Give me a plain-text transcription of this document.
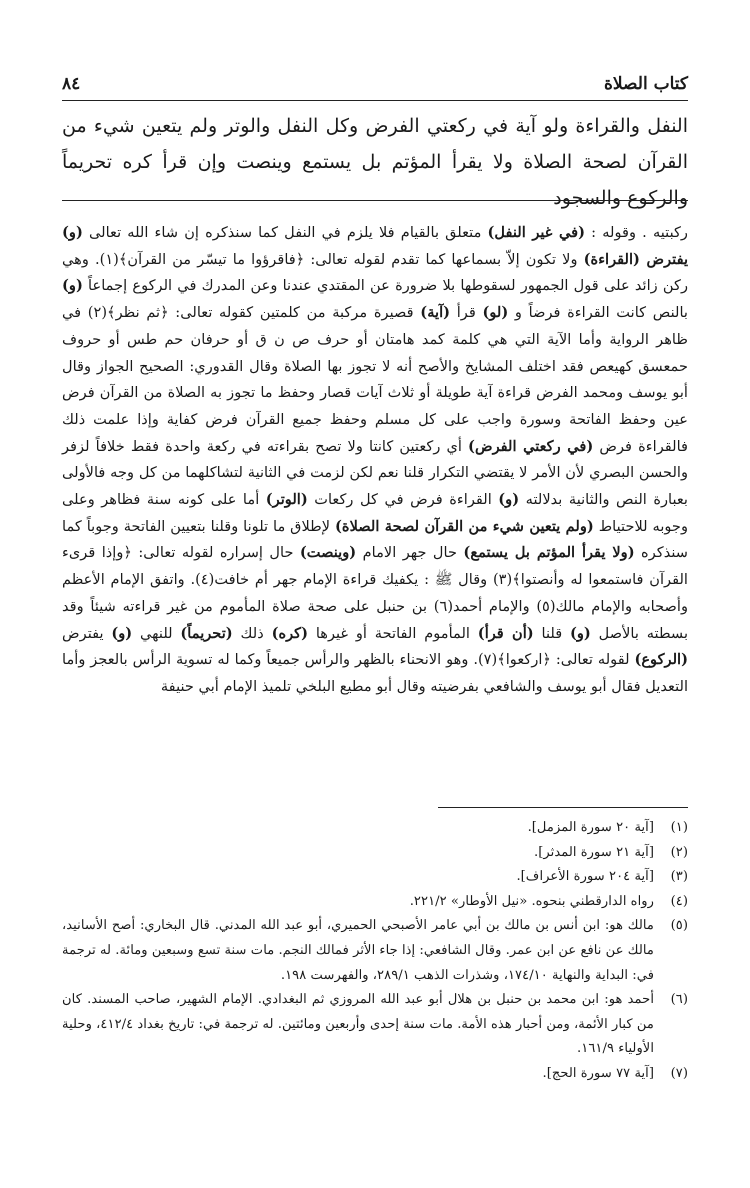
كتاب الصلاة
٨٤
النفل والقراءة ولو آية في ركعتي الفرض وكل النفل والوتر ولم يتعين شيء من القرآن لصحة الصلاة ولا يقرأ المؤتم بل يستمع وينصت وإن قرأ كره تحريماً والركوع والسجود
ركبتيه . وقوله : (في غير النفل) متعلق بالقيام فلا يلزم في النفل كما سنذكره إن شاء الله تعالى (و) يفترض (القراءة) ولا تكون إلاّ بسماعها كما تقدم لقوله تعالى: ﴿فاقرؤوا ما تيسّر من القرآن﴾(١). وهي ركن زائد على قول الجمهور لسقوطها بلا ضرورة عن المقتدي عندنا وعن المدرك في الركوع إجماعاً (و) بالنص كانت القراءة فرضاً و (لو) قرأ (آية) قصيرة مركبة من كلمتين كقوله تعالى: ﴿ثم نظر﴾(٢) في ظاهر الرواية وأما الآية التي هي كلمة كمد هامتان أو حرف ص ن ق أو حرفان حم طس أو حروف حمعسق كهيعص فقد اختلف المشايخ والأصح أنه لا تجوز بها الصلاة وقال القدوري: الصحيح الجواز وقال أبو يوسف ومحمد الفرض قراءة آية طويلة أو ثلاث آيات قصار وحفظ ما تجوز به الصلاة من القرآن فرض عين وحفظ الفاتحة وسورة واجب على كل مسلم وحفظ جميع القرآن فرض كفاية وإذا علمت ذلك فالقراءة فرض (في ركعتي الفرض) أي ركعتين كانتا ولا تصح بقراءته في ركعة واحدة فقط خلافاً لزفر والحسن البصري لأن الأمر لا يقتضي التكرار قلنا نعم لكن لزمت في الثانية لتشاكلهما من كل وجه فالأولى بعبارة النص والثانية بدلالته (و) القراءة فرض في كل ركعات (الوتر) أما على كونه سنة فظاهر وعلى وجوبه للاحتياط (ولم يتعين شيء من القرآن لصحة الصلاة) لإطلاق ما تلونا وقلنا بتعيين الفاتحة وجوباً كما سنذكره (ولا يقرأ المؤتم بل يستمع) حال جهر الامام (وينصت) حال إسراره لقوله تعالى: ﴿وإذا قرىء القرآن فاستمعوا له وأنصتوا﴾(٣) وقال ﷺ : يكفيك قراءة الإمام جهر أم خافت(٤). واتفق الإمام الأعظم وأصحابه والإمام مالك(٥) والإمام أحمد(٦) بن حنبل على صحة صلاة المأموم من غير قراءته شيئاً وقد بسطته بالأصل (و) قلنا (أن قرأ) المأموم الفاتحة أو غيرها (كره) ذلك (تحريماً) للنهي (و) يفترض (الركوع) لقوله تعالى: ﴿اركعوا﴾(٧). وهو الانحناء بالظهر والرأس جميعاً وكما له تسوية الرأس بالعجز وأما التعديل فقال أبو يوسف والشافعي بفرضيته وقال أبو مطيع البلخي تلميذ الإمام أبي حنيفة
(١)
[آية ٢٠ سورة المزمل].
(٢)
[آية ٢١ سورة المدثر].
(٣)
[آية ٢٠٤ سورة الأعراف].
(٤)
رواه الدارقطني بنحوه. «نيل الأوطار» ٢٢١/٢.
(٥)
مالك هو: ابن أنس بن مالك بن أبي عامر الأصبحي الحميري، أبو عبد الله المدني. قال البخاري: أصح الأسانيد، مالك عن نافع عن ابن عمر. وقال الشافعي: إذا جاء الأثر فمالك النجم. مات سنة تسع وسبعين ومائة. له ترجمة في: البداية والنهاية ١٧٤/١٠، وشذرات الذهب ٢٨٩/١، والفهرست ١٩٨.
(٦)
أحمد هو: ابن محمد بن حنبل بن هلال أبو عبد الله المروزي ثم البغدادي. الإمام الشهير، صاحب المسند. كان من كبار الأئمة، ومن أحبار هذه الأمة. مات سنة إحدى وأربعين ومائتين. له ترجمة في: تاريخ بغداد ٤١٢/٤، وحلية الأولياء ١٦١/٩.
(٧)
[آية ٧٧ سورة الحج].
